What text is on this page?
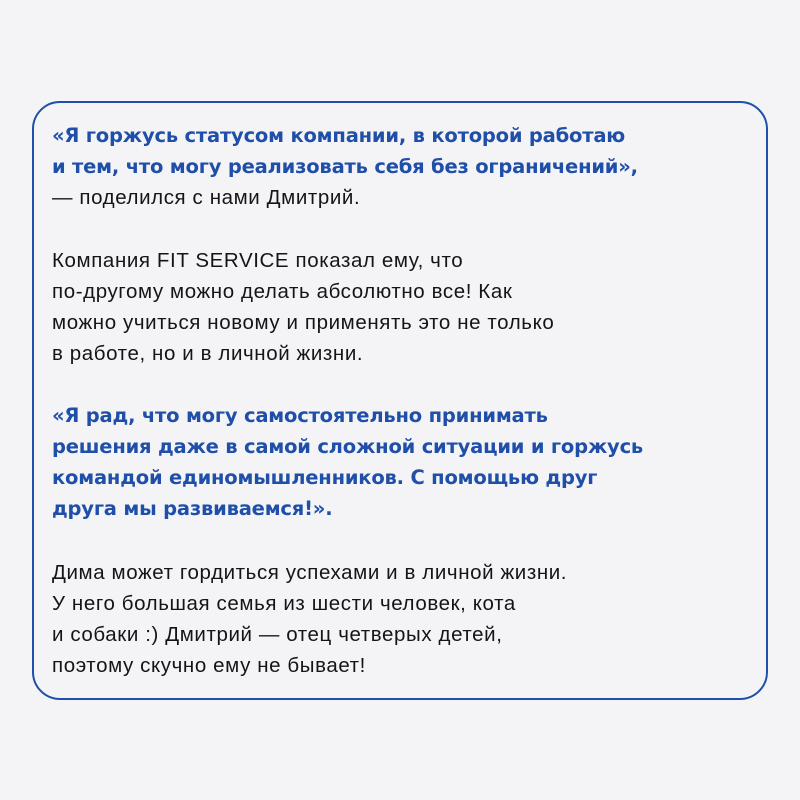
«Я горжусь статусом компании, в которой работаю
и тем, что могу реализовать себя без ограничений»,
— поделился с нами Дмитрий.
Компания FIT SERVICE показал ему, что
по-другому можно делать абсолютно все! Как
можно учиться новому и применять это не только
в работе, но и в личной жизни.
«Я рад, что могу самостоятельно принимать
решения даже в самой сложной ситуации и горжусь
командой единомышленников. С помощью друг
друга мы развиваемся!».
Дима может гордиться успехами и в личной жизни.
У него большая семья из шести человек, кота
и собаки :) Дмитрий — отец четверых детей,
поэтому скучно ему не бывает!
